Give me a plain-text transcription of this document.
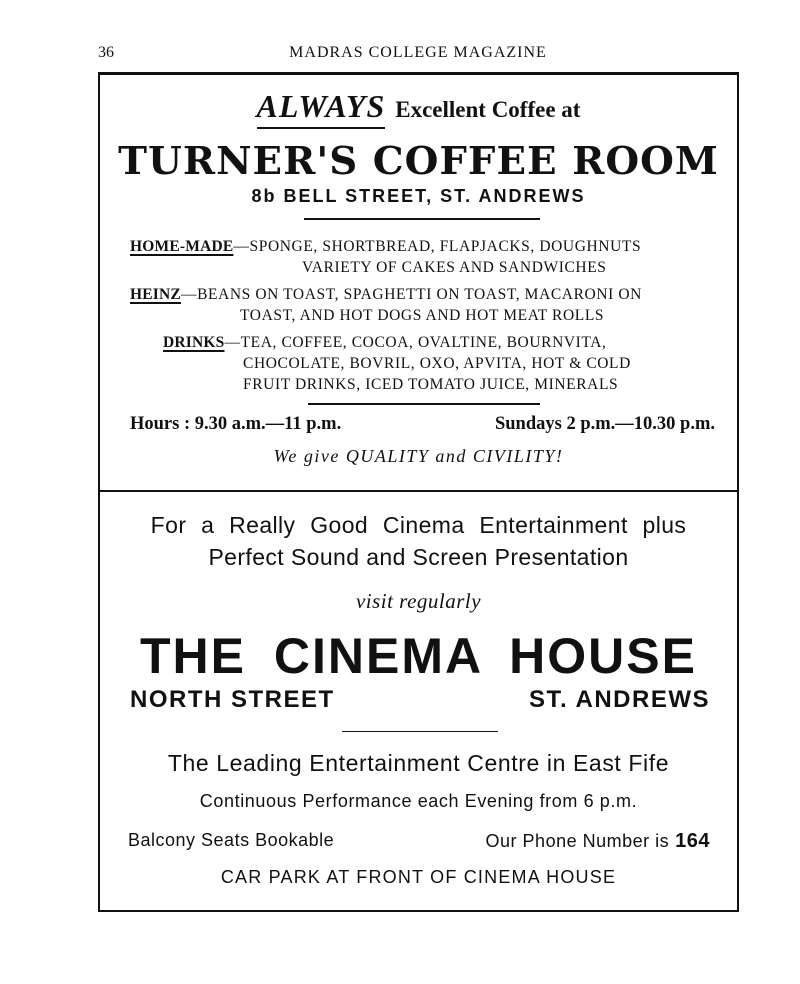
36	MADRAS COLLEGE MAGAZINE
ALWAYS Excellent Coffee at
TURNER'S COFFEE ROOM
8b BELL STREET, ST. ANDREWS
HOME-MADE—SPONGE, SHORTBREAD, FLAPJACKS, DOUGHNUTS
VARIETY OF CAKES AND SANDWICHES
HEINZ—BEANS ON TOAST, SPAGHETTI ON TOAST, MACARONI ON
TOAST, AND HOT DOGS AND HOT MEAT ROLLS
DRINKS—TEA, COFFEE, COCOA, OVALTINE, BOURNVITA,
CHOCOLATE, BOVRIL, OXO, APVITA, HOT & COLD
FRUIT DRINKS, ICED TOMATO JUICE, MINERALS
Hours : 9.30 a.m.—11 p.m.	Sundays 2 p.m.—10.30 p.m.
We give QUALITY and CIVILITY!
For a Really Good Cinema Entertainment plus
Perfect Sound and Screen Presentation
visit regularly
THE CINEMA HOUSE
NORTH STREET	ST. ANDREWS
The Leading Entertainment Centre in East Fife
Continuous Performance each Evening from 6 p.m.
Balcony Seats Bookable	Our Phone Number is 164
CAR PARK AT FRONT OF CINEMA HOUSE
